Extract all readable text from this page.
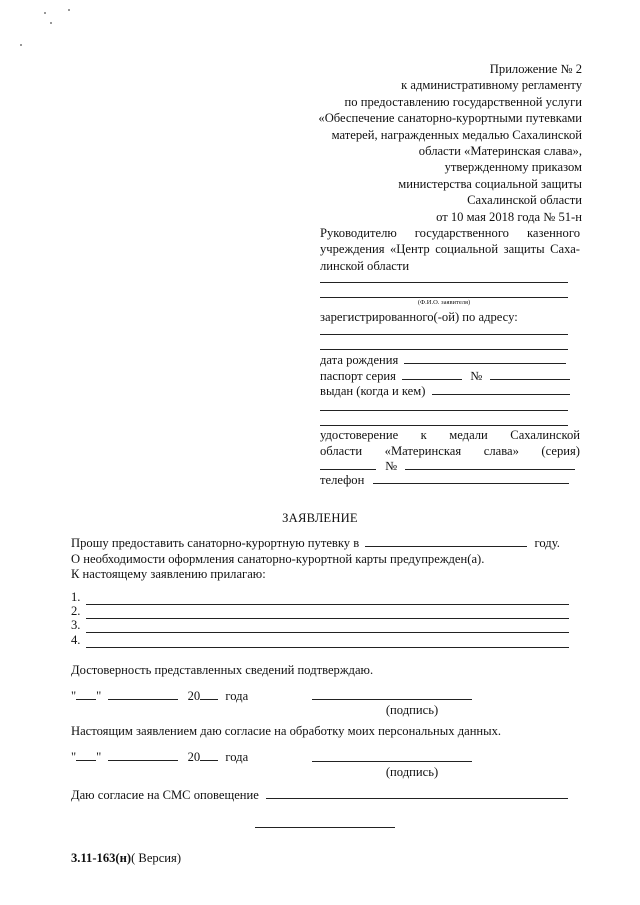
Приложение № 2
к административному регламенту
по предоставлению государственной услуги
«Обеспечение санаторно-курортными путевками
матерей, награжденных медалью Сахалинской
области «Материнская слава»,
утвержденному приказом
министерства социальной защиты
Сахалинской области
от 10 мая 2018 года № 51-н
Руководителю государственного казенного
учреждения «Центр социальной защиты Саха-
линской области
(Ф.И.О. заявителя)
зарегистрированного(-ой) по адресу:
дата рождения
паспорт серия	№
выдан (когда и кем)
удостоверение к медали Сахалинской
области «Материнская слава» (серия)
№
телефон
ЗАЯВЛЕНИЕ
Прошу предоставить санаторно-курортную путевку в	году.
О необходимости оформления санаторно-курортной карты предупрежден(а).
К настоящему заявлению прилагаю:
1.
2.
3.
4.
Достоверность представленных сведений подтверждаю.
" "	20 года
(подпись)
Настоящим заявлением даю согласие на обработку моих персональных данных.
" "	20 года
(подпись)
Даю согласие на СМС оповещение
3.11-163(н)( Версия)
